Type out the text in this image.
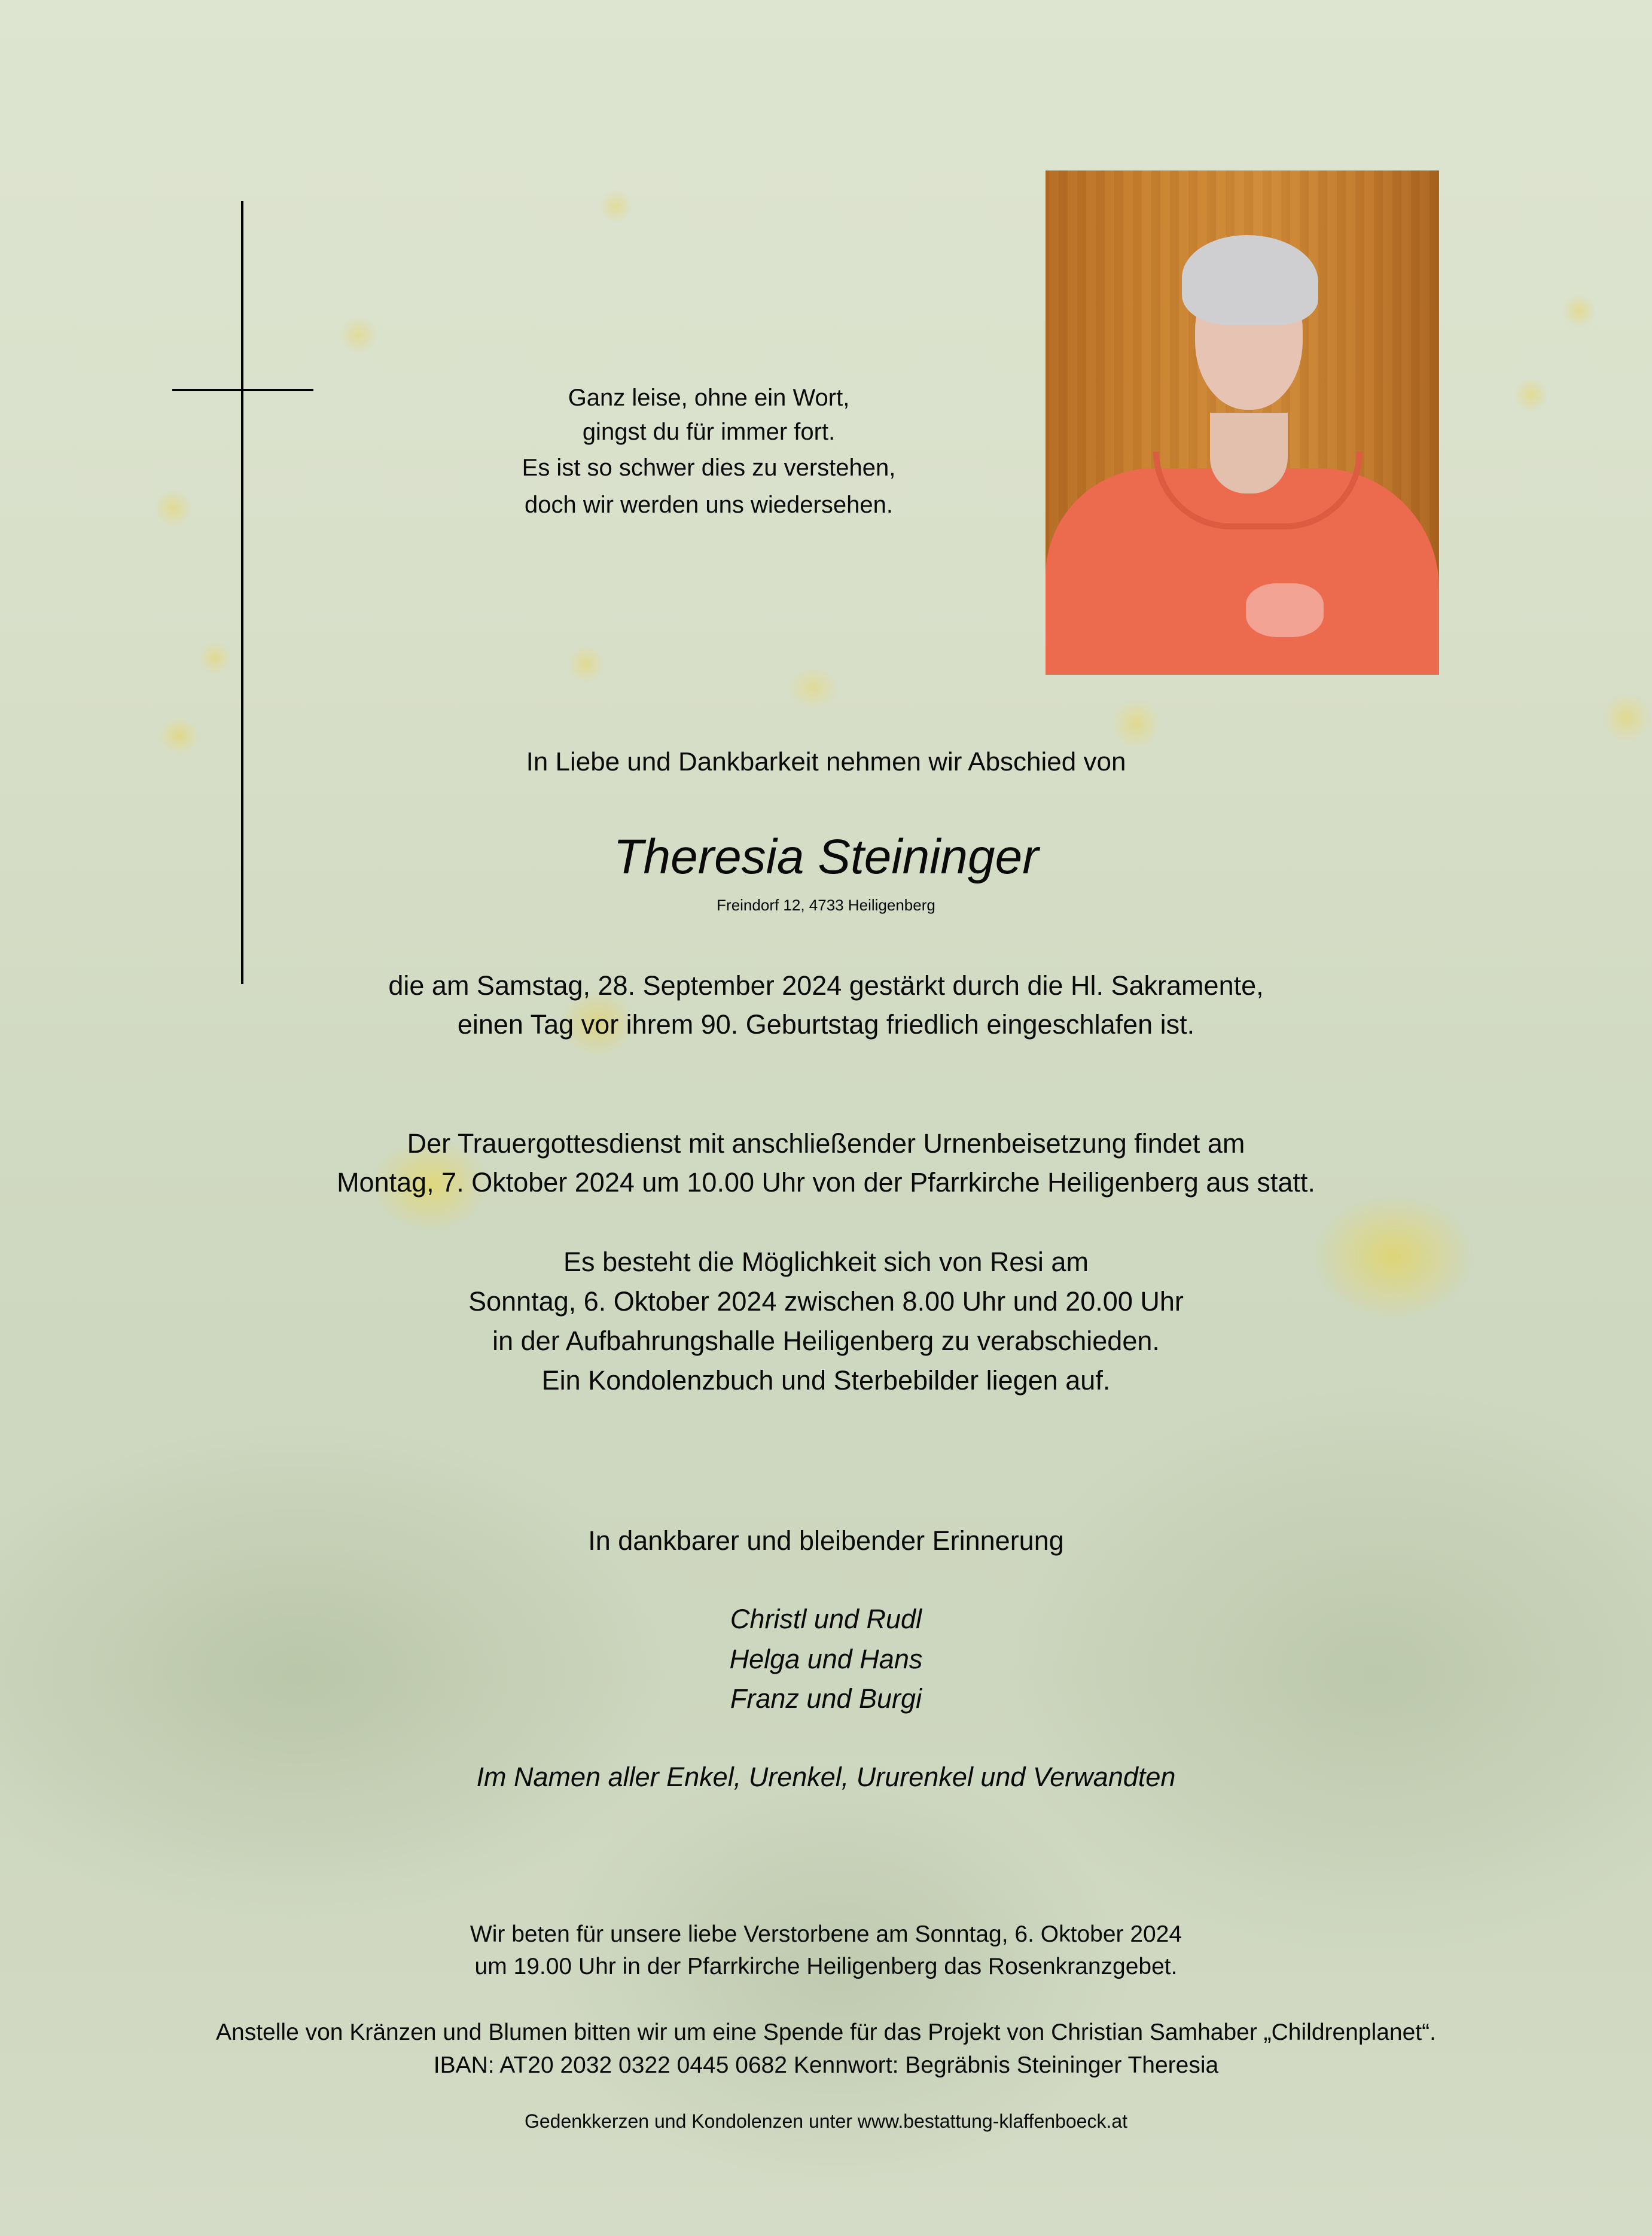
Ganz leise, ohne ein Wort,
gingst du für immer fort.
Es ist so schwer dies zu verstehen,
doch wir werden uns wiedersehen.
In Liebe und Dankbarkeit nehmen wir Abschied von
Theresia Steininger
Freindorf 12, 4733 Heiligenberg
die am Samstag, 28. September 2024 gestärkt durch die Hl. Sakramente,
einen Tag vor ihrem 90. Geburtstag friedlich eingeschlafen ist.
Der Trauergottesdienst mit anschließender Urnenbeisetzung findet am
Montag, 7. Oktober 2024 um 10.00 Uhr von der Pfarrkirche Heiligenberg aus statt.
Es besteht die Möglichkeit sich von Resi am
Sonntag, 6. Oktober 2024 zwischen 8.00 Uhr und 20.00 Uhr
in der Aufbahrungshalle Heiligenberg zu verabschieden.
Ein Kondolenzbuch und Sterbebilder liegen auf.
In dankbarer und bleibender Erinnerung
Christl und Rudl
Helga und Hans
Franz und Burgi
Im Namen aller Enkel, Urenkel, Ururenkel und Verwandten
Wir beten für unsere liebe Verstorbene am Sonntag, 6. Oktober 2024
um 19.00 Uhr in der Pfarrkirche Heiligenberg das Rosenkranzgebet.
Anstelle von Kränzen und Blumen bitten wir um eine Spende für das Projekt von Christian Samhaber „Childrenplanet“.
IBAN: AT20 2032 0322 0445 0682 Kennwort: Begräbnis Steininger Theresia
Gedenkkerzen und Kondolenzen unter www.bestattung-klaffenboeck.at
